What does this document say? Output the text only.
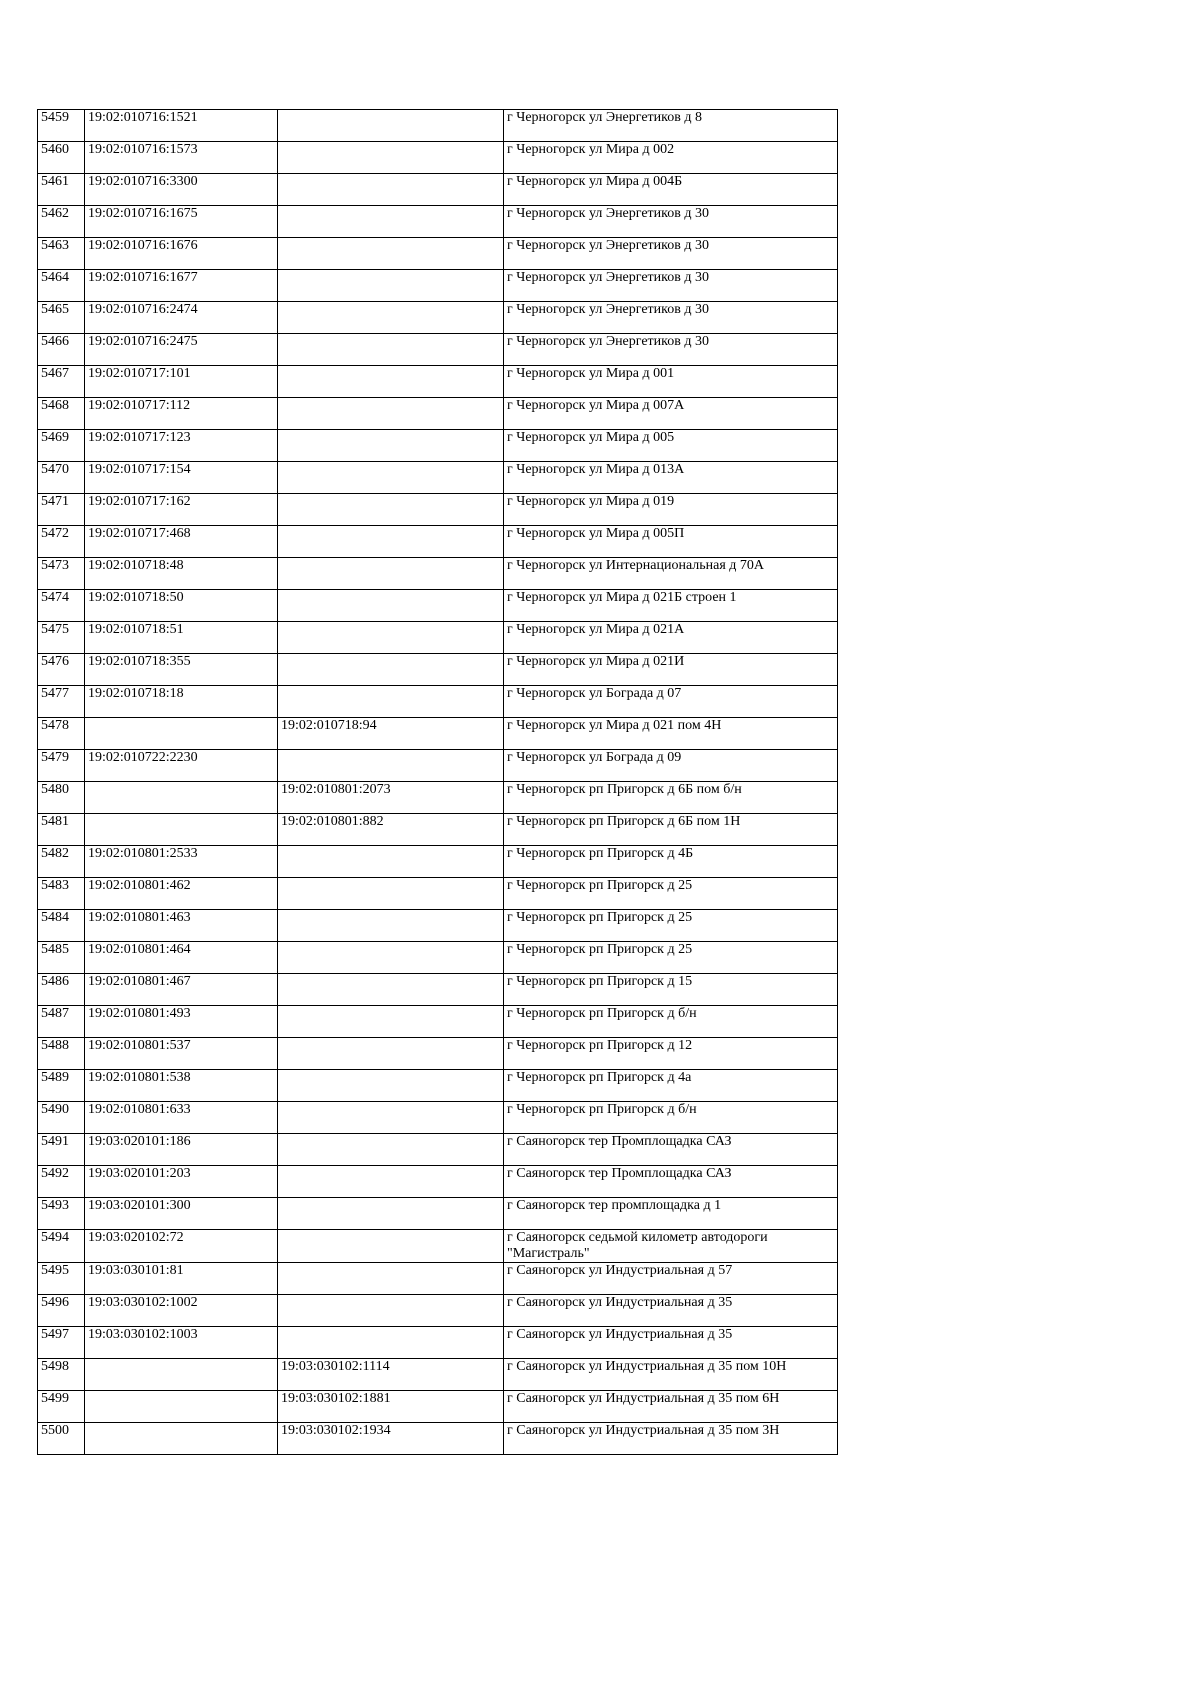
5459	19:02:010716:1521		г Черногорск ул Энергетиков д 8
5460	19:02:010716:1573		г Черногорск ул Мира д 002
5461	19:02:010716:3300		г Черногорск ул Мира д 004Б
5462	19:02:010716:1675		г Черногорск ул Энергетиков д 30
5463	19:02:010716:1676		г Черногорск ул Энергетиков д 30
5464	19:02:010716:1677		г Черногорск ул Энергетиков д 30
5465	19:02:010716:2474		г Черногорск ул Энергетиков д 30
5466	19:02:010716:2475		г Черногорск ул Энергетиков д 30
5467	19:02:010717:101		г Черногорск ул Мира д 001
5468	19:02:010717:112		г Черногорск ул Мира д 007А
5469	19:02:010717:123		г Черногорск ул Мира д 005
5470	19:02:010717:154		г Черногорск ул Мира д 013А
5471	19:02:010717:162		г Черногорск ул Мира д 019
5472	19:02:010717:468		г Черногорск ул Мира д 005П
5473	19:02:010718:48		г Черногорск ул Интернациональная д 70А
5474	19:02:010718:50		г Черногорск ул Мира д 021Б строен 1
5475	19:02:010718:51		г Черногорск ул Мира д 021А
5476	19:02:010718:355		г Черногорск ул Мира д 021И
5477	19:02:010718:18		г Черногорск ул Бограда д 07
5478		19:02:010718:94	г Черногорск ул Мира д 021 пом 4Н
5479	19:02:010722:2230		г Черногорск ул Бограда д 09
5480		19:02:010801:2073	г Черногорск рп Пригорск д 6Б пом б/н
5481		19:02:010801:882	г Черногорск рп Пригорск д 6Б пом 1Н
5482	19:02:010801:2533		г Черногорск рп Пригорск д 4Б
5483	19:02:010801:462		г Черногорск рп Пригорск д 25
5484	19:02:010801:463		г Черногорск рп Пригорск д 25
5485	19:02:010801:464		г Черногорск рп Пригорск д 25
5486	19:02:010801:467		г Черногорск рп Пригорск д 15
5487	19:02:010801:493		г Черногорск рп Пригорск д б/н
5488	19:02:010801:537		г Черногорск рп Пригорск д 12
5489	19:02:010801:538		г Черногорск рп Пригорск д 4а
5490	19:02:010801:633		г Черногорск рп Пригорск д б/н
5491	19:03:020101:186		г Саяногорск тер Промплощадка САЗ
5492	19:03:020101:203		г Саяногорск тер Промплощадка САЗ
5493	19:03:020101:300		г Саяногорск тер промплощадка д 1
5494	19:03:020102:72		г Саяногорск седьмой километр автодороги "Магистраль"
5495	19:03:030101:81		г Саяногорск ул Индустриальная д 57
5496	19:03:030102:1002		г Саяногорск ул Индустриальная д 35
5497	19:03:030102:1003		г Саяногорск ул Индустриальная д 35
5498		19:03:030102:1114	г Саяногорск ул Индустриальная д 35 пом 10Н
5499		19:03:030102:1881	г Саяногорск ул Индустриальная д 35 пом 6Н
5500		19:03:030102:1934	г Саяногорск ул Индустриальная д 35 пом 3Н
